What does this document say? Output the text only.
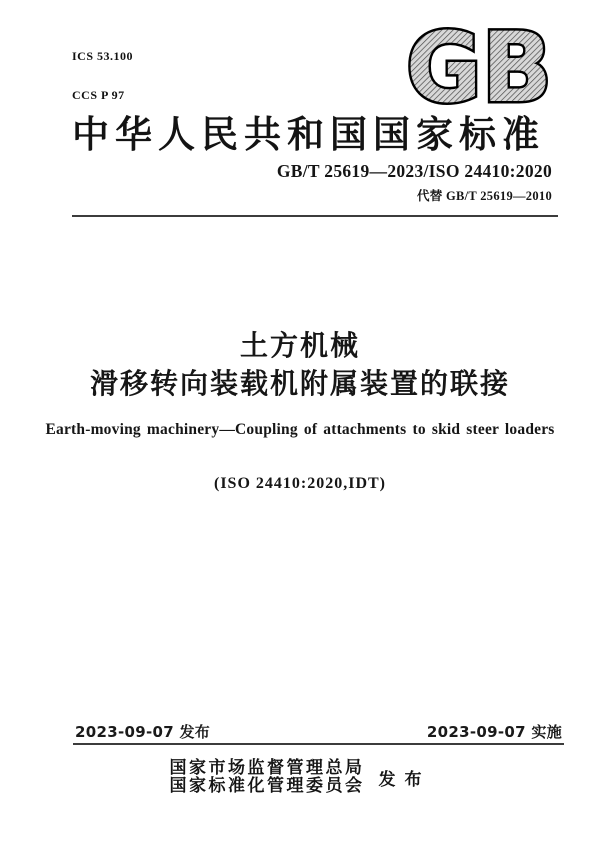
ICS 53.100

CCS P 97

	GB
中华人民共和国国家标准
GB/T 25619—2023/ISO 24410:2020
代替 GB/T 25619—2010
土方机械
滑移转向装载机附属装置的联接
Earth-moving machinery—Coupling of attachments to skid steer loaders
(ISO 24410:2020,IDT)
2023-09-07 发布	2023-09-07 实施
国家市场监督管理总局
国家标准化管理委员会 发布
